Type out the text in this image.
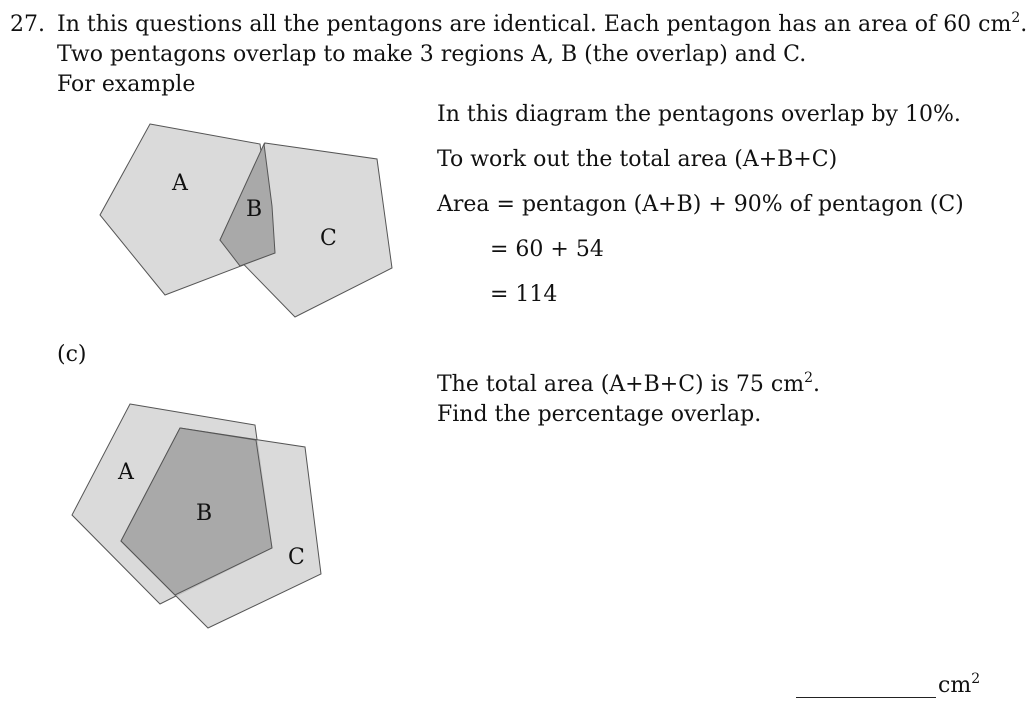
27. In this questions all the pentagons are identical. Each pentagon has an area of 60 $cm^2$.
Two pentagons overlap to make 3 regions A, B (the overlap) and C.
For example
A
B
C
A
B
C
In this diagram the pentagons overlap by 10%.
To work out the total area (A+B+C)
Area = pentagon (A+B) + 90% of pentagon (C)
= 60 + 54
= 114
(c)
The total area (A+B+C) is 75 $cm^2$.
Find the percentage overlap.
$cm^2$
